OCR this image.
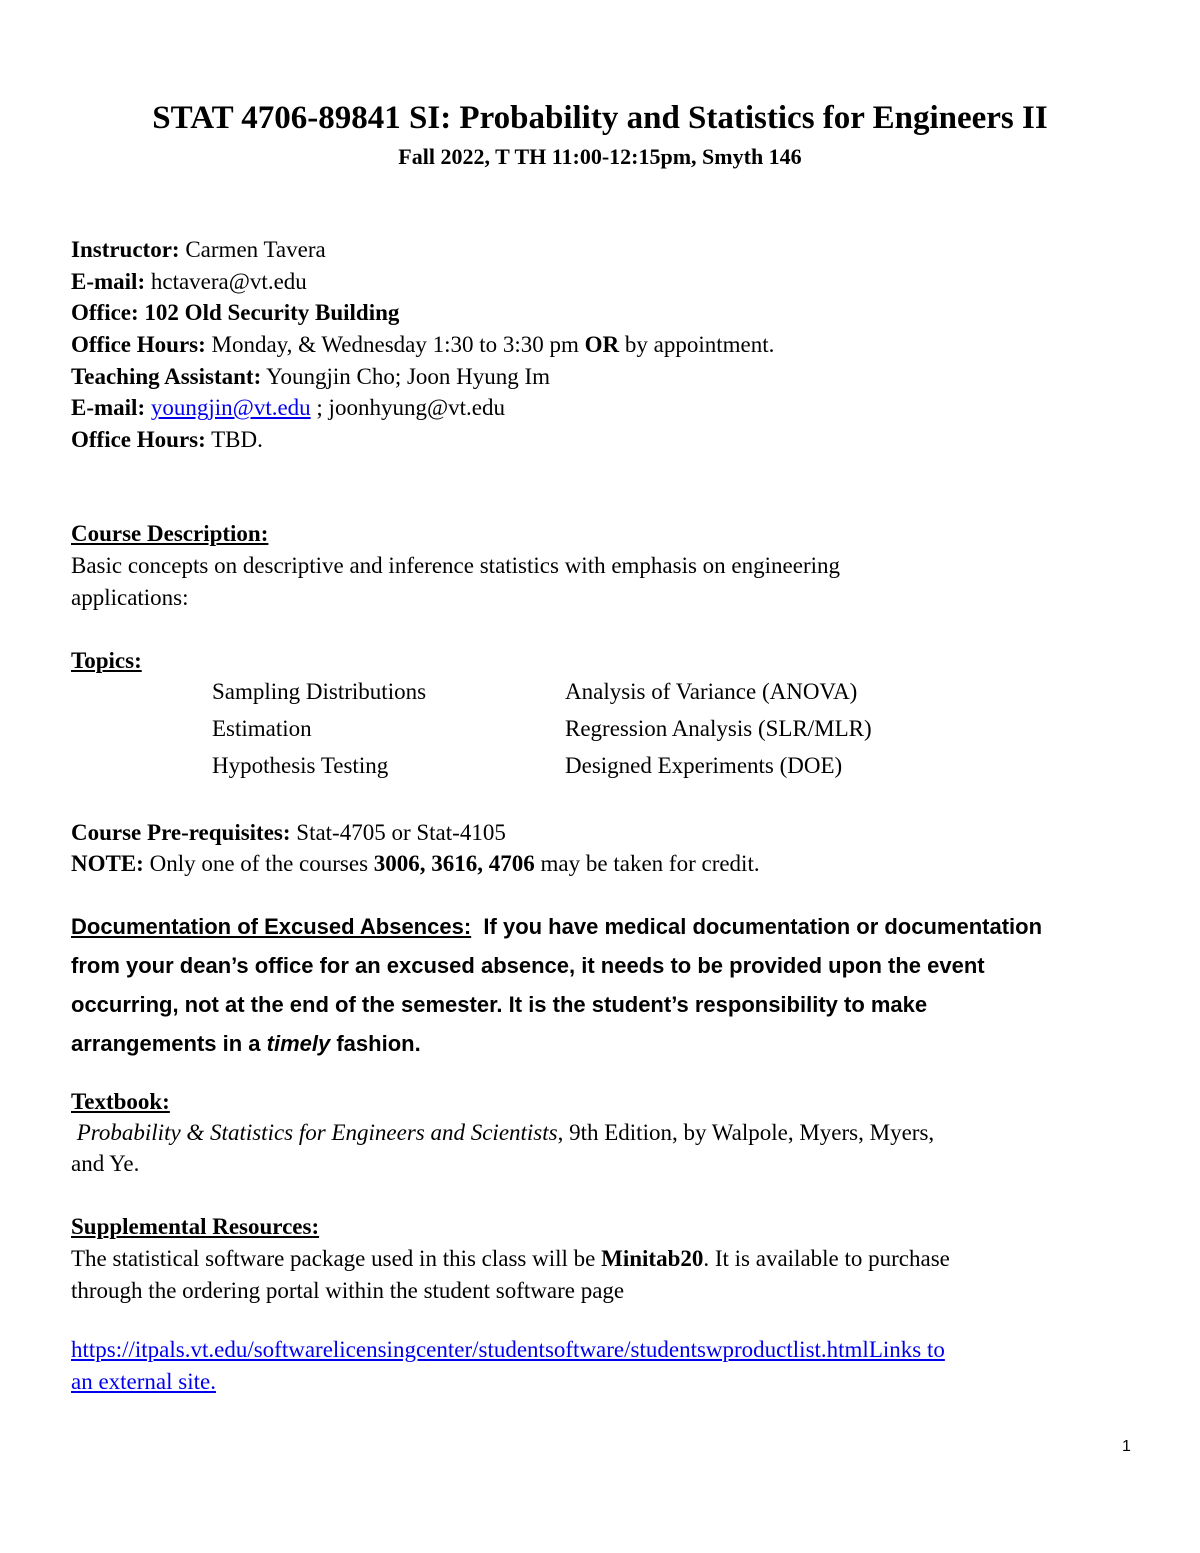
STAT 4706-89841 SI: Probability and Statistics for Engineers II
Fall 2022, T TH 11:00-12:15pm, Smyth 146
Instructor: Carmen Tavera
E-mail: hctavera@vt.edu
Office: 102 Old Security Building
Office Hours: Monday, & Wednesday 1:30 to 3:30 pm OR by appointment.
Teaching Assistant: Youngjin Cho; Joon Hyung Im
E-mail: youngjin@vt.edu ; joonhyung@vt.edu
Office Hours: TBD.
Course Description:
Basic concepts on descriptive and inference statistics with emphasis on engineering
applications:
Topics:
Sampling Distributions
Estimation
Hypothesis Testing
Analysis of Variance (ANOVA)
Regression Analysis (SLR/MLR)
Designed Experiments (DOE)
Course Pre-requisites: Stat-4705 or Stat-4105
NOTE: Only one of the courses 3006, 3616, 4706 may be taken for credit.
Documentation of Excused Absences: If you have medical documentation or documentation
from your dean’s office for an excused absence, it needs to be provided upon the event
occurring, not at the end of the semester. It is the student’s responsibility to make
arrangements in a timely fashion.
Textbook:
Probability & Statistics for Engineers and Scientists, 9th Edition, by Walpole, Myers, Myers,
and Ye.
Supplemental Resources:
The statistical software package used in this class will be Minitab20. It is available to purchase
through the ordering portal within the student software page
https://itpals.vt.edu/softwarelicensingcenter/studentsoftware/studentswproductlist.htmlLinks to
an external site.
1
